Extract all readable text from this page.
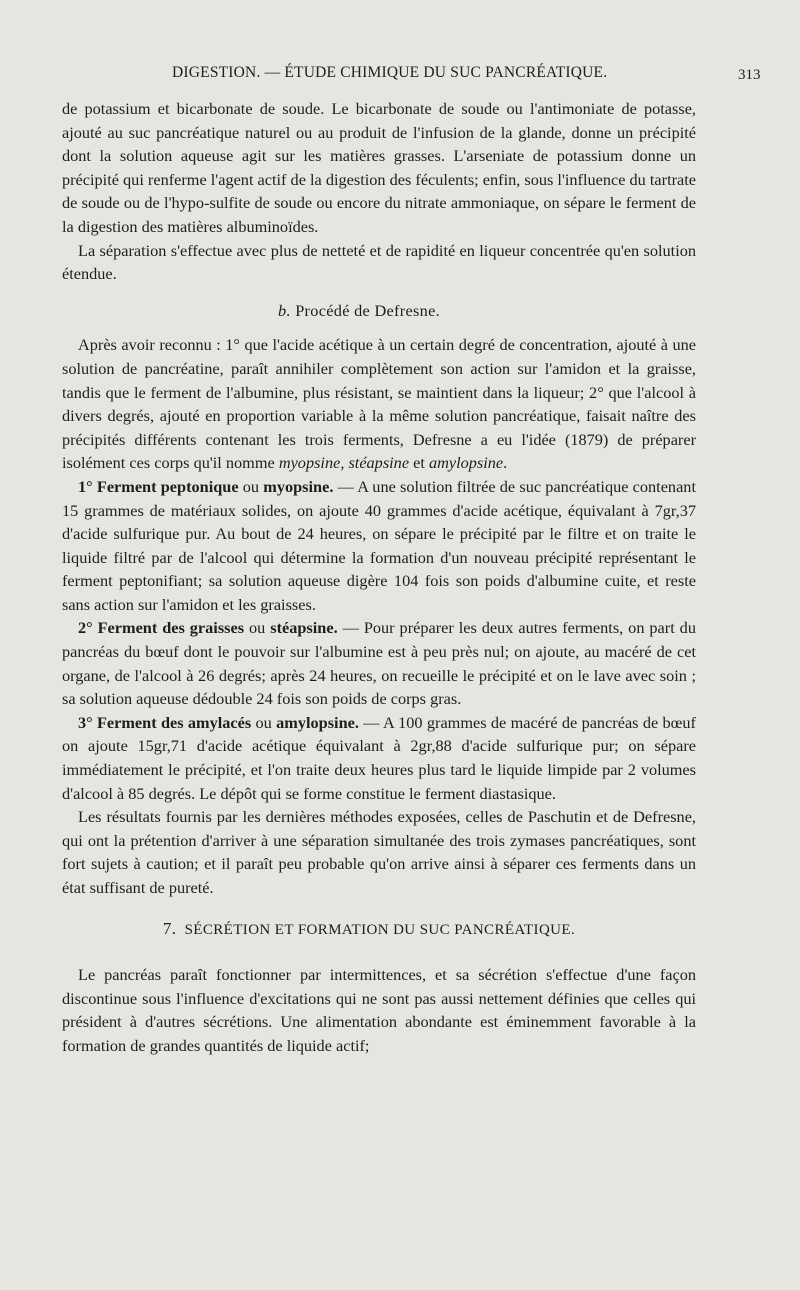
DIGESTION. — ÉTUDE CHIMIQUE DU SUC PANCRÉATIQUE.	313

de potassium et bicarbonate de soude. Le bicarbonate de soude ou l'antimoniate de potasse, ajouté au suc pancréatique naturel ou au produit de l'infusion de la glande, donne un précipité dont la solution aqueuse agit sur les matières grasses. L'arseniate de potassium donne un précipité qui renferme l'agent actif de la digestion des féculents; enfin, sous l'influence du tartrate de soude ou de l'hypo-sulfite de soude ou encore du nitrate ammoniaque, on sépare le ferment de la digestion des matières albuminoïdes.

La séparation s'effectue avec plus de netteté et de rapidité en liqueur concentrée qu'en solution étendue.

b. Procédé de Defresne.

Après avoir reconnu : 1° que l'acide acétique à un certain degré de concentration, ajouté à une solution de pancréatine, paraît annihiler complètement son action sur l'amidon et la graisse, tandis que le ferment de l'albumine, plus résistant, se maintient dans la liqueur; 2° que l'alcool à divers degrés, ajouté en proportion variable à la même solution pancréatique, faisait naître des précipités différents contenant les trois ferments, Defresne a eu l'idée (1879) de préparer isolément ces corps qu'il nomme myopsine, stéapsine et amylopsine.

1° Ferment peptonique ou myopsine. — A une solution filtrée de suc pancréatique contenant 15 grammes de matériaux solides, on ajoute 40 grammes d'acide acétique, équivalant à 7gr,37 d'acide sulfurique pur. Au bout de 24 heures, on sépare le précipité par le filtre et on traite le liquide filtré par de l'alcool qui détermine la formation d'un nouveau précipité représentant le ferment peptonifiant; sa solution aqueuse digère 104 fois son poids d'albumine cuite, et reste sans action sur l'amidon et les graisses.

2° Ferment des graisses ou stéapsine. — Pour préparer les deux autres ferments, on part du pancréas du bœuf dont le pouvoir sur l'albumine est à peu près nul; on ajoute, au macéré de cet organe, de l'alcool à 26 degrés; après 24 heures, on recueille le précipité et on le lave avec soin ; sa solution aqueuse dédouble 24 fois son poids de corps gras.

3° Ferment des amylacés ou amylopsine. — A 100 grammes de macéré de pancréas de bœuf on ajoute 15gr,71 d'acide acétique équivalant à 2gr,88 d'acide sulfurique pur; on sépare immédiatement le précipité, et l'on traite deux heures plus tard le liquide limpide par 2 volumes d'alcool à 85 degrés. Le dépôt qui se forme constitue le ferment diastasique.

Les résultats fournis par les dernières méthodes exposées, celles de Paschutin et de Defresne, qui ont la prétention d'arriver à une séparation simultanée des trois zymases pancréatiques, sont fort sujets à caution; et il paraît peu probable qu'on arrive ainsi à séparer ces ferments dans un état suffisant de pureté.

7. SÉCRÉTION ET FORMATION DU SUC PANCRÉATIQUE.

Le pancréas paraît fonctionner par intermittences, et sa sécrétion s'effectue d'une façon discontinue sous l'influence d'excitations qui ne sont pas aussi nettement définies que celles qui président à d'autres sécrétions. Une alimentation abondante est éminemment favorable à la formation de grandes quantités de liquide actif;
